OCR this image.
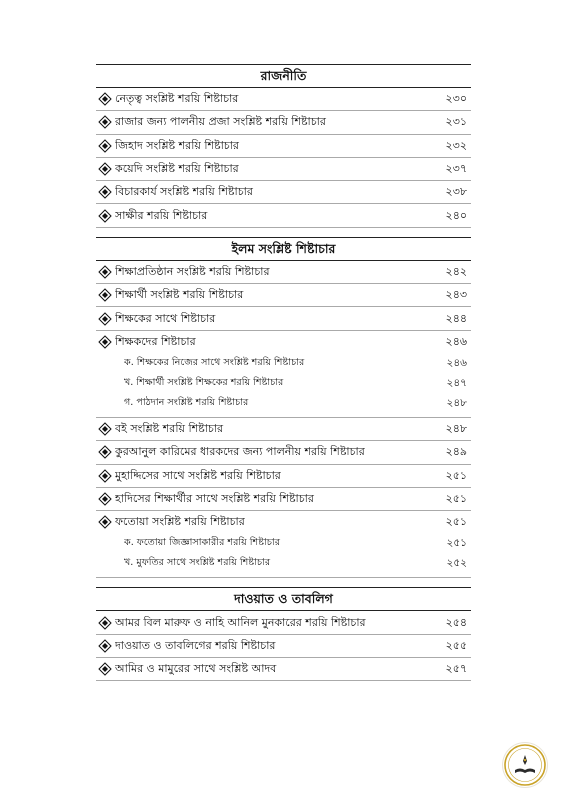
রাজনীতি
নেতৃত্ব সংশ্লিষ্ট শরয়ি শিষ্টাচার	২৩০
রাজার জন্য পালনীয় প্রজা সংশ্লিষ্ট শরয়ি শিষ্টাচার	২৩১
জিহাদ সংশ্লিষ্ট শরয়ি শিষ্টাচার	২৩২
কয়েদি সংশ্লিষ্ট শরয়ি শিষ্টাচার	২৩৭
বিচারকার্য সংশ্লিষ্ট শরয়ি শিষ্টাচার	২৩৮
সাক্ষীর শরয়ি শিষ্টাচার	২৪০
ইলম সংশ্লিষ্ট শিষ্টাচার
শিক্ষাপ্রতিষ্ঠান সংশ্লিষ্ট শরয়ি শিষ্টাচার	২৪২
শিক্ষার্থী সংশ্লিষ্ট শরয়ি শিষ্টাচার	২৪৩
শিক্ষকের সাথে শিষ্টাচার	২৪৪
শিক্ষকদের শিষ্টাচার	২৪৬
ক. শিক্ষকের নিজের সাথে সংশ্লিষ্ট শরয়ি শিষ্টাচার	২৪৬
খ. শিক্ষার্থী সংশ্লিষ্ট শিক্ষকের শরয়ি শিষ্টাচার	২৪৭
গ. পাঠদান সংশ্লিষ্ট শরয়ি শিষ্টাচার	২৪৮
বই সংশ্লিষ্ট শরয়ি শিষ্টাচার	২৪৮
কুরআনুল কারিমের ধারকদের জন্য পালনীয় শরয়ি শিষ্টাচার	২৪৯
মুহাদ্দিসের সাথে সংশ্লিষ্ট শরয়ি শিষ্টাচার	২৫১
হাদিসের শিক্ষার্থীর সাথে সংশ্লিষ্ট শরয়ি শিষ্টাচার	২৫১
ফতোয়া সংশ্লিষ্ট শরয়ি শিষ্টাচার	২৫১
ক. ফতোয়া জিজ্ঞাসাকারীর শরয়ি শিষ্টাচার	২৫১
খ. মুফতির সাথে সংশ্লিষ্ট শরয়ি শিষ্টাচার	২৫২
দাওয়াত ও তাবলিগ
আমর বিল মারুফ ও নাহি আনিল মুনকারের শরয়ি শিষ্টাচার	২৫৪
দাওয়াত ও তাবলিগের শরয়ি শিষ্টাচার	২৫৫
আমির ও মামুরের সাথে সংশ্লিষ্ট আদব	২৫৭
